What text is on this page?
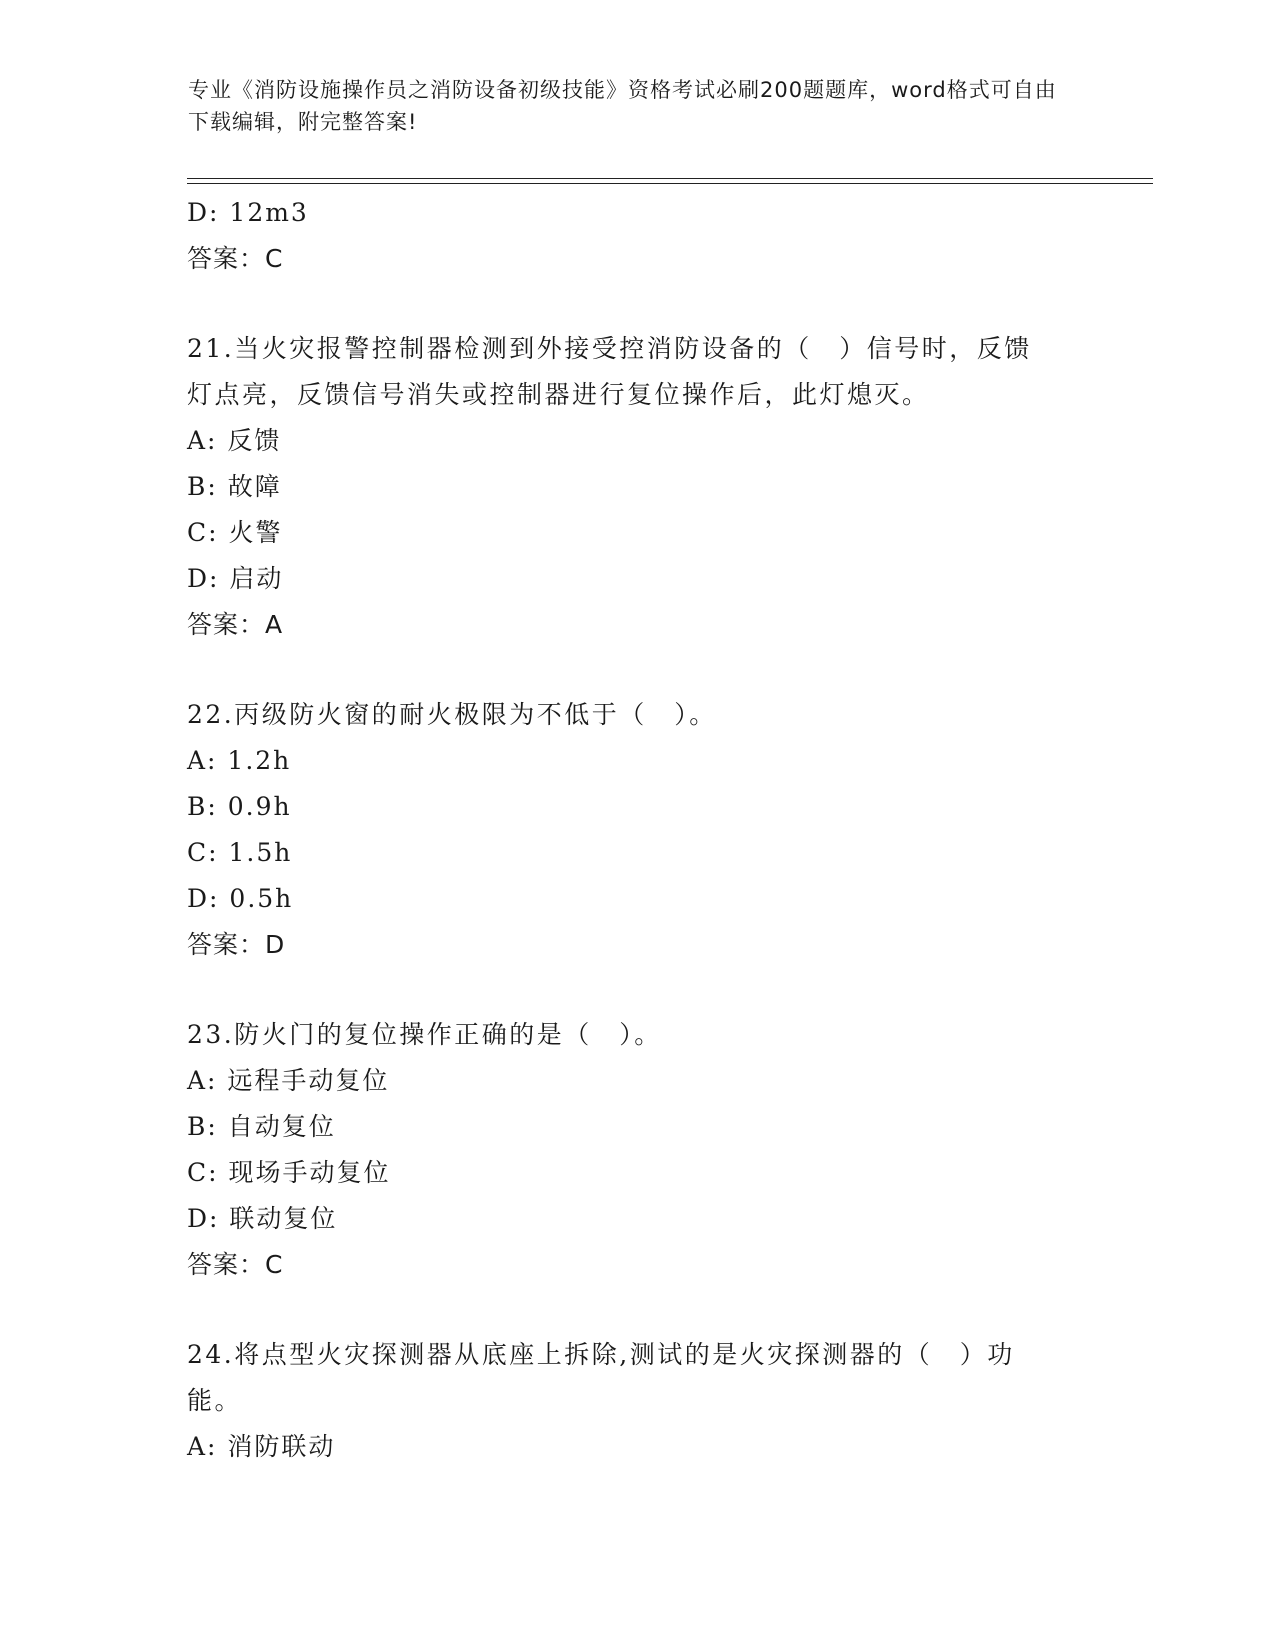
专业《消防设施操作员之消防设备初级技能》资格考试必刷200题题库，word格式可自由下载编辑，附完整答案!
D: 12m3
答案：C
21.当火灾报警控制器检测到外接受控消防设备的（　）信号时，反馈
灯点亮，反馈信号消失或控制器进行复位操作后，此灯熄灭。
A: 反馈
B: 故障
C: 火警
D: 启动
答案：A
22.丙级防火窗的耐火极限为不低于（　）。
A: 1.2h
B: 0.9h
C: 1.5h
D: 0.5h
答案：D
23.防火门的复位操作正确的是（　）。
A: 远程手动复位
B: 自动复位
C: 现场手动复位
D: 联动复位
答案：C
24.将点型火灾探测器从底座上拆除,测试的是火灾探测器的（　）功
能。
A: 消防联动
